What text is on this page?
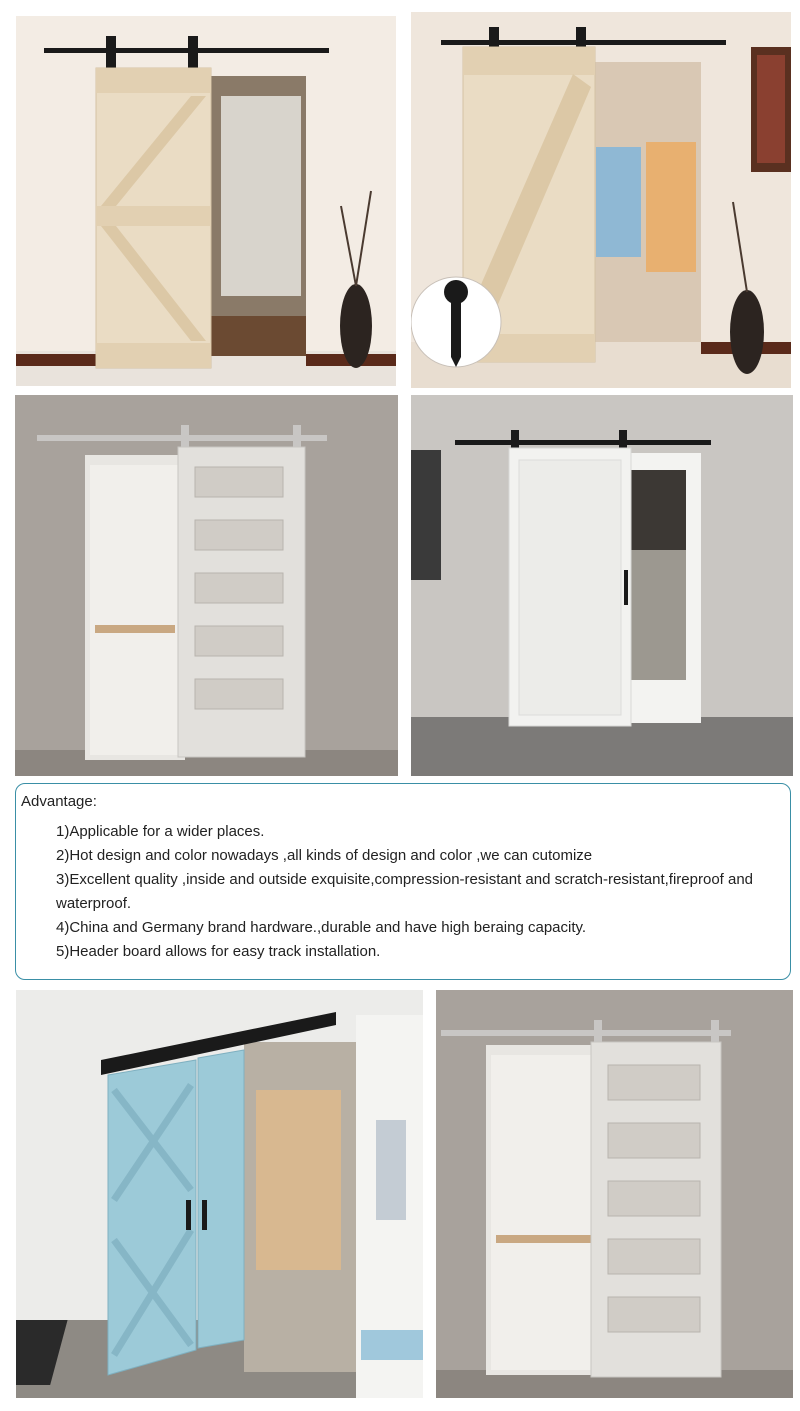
Advantage:
1)Applicable for a wider places.
2)Hot design and color nowadays ,all kinds of design and color ,we can cutomize
3)Excellent quality ,inside and outside exquisite,compression-resistant and scratch-resistant,fireproof and waterproof.
4)China and Germany brand hardware.,durable and have high beraing capacity.
5)Header board allows for easy track installation.
